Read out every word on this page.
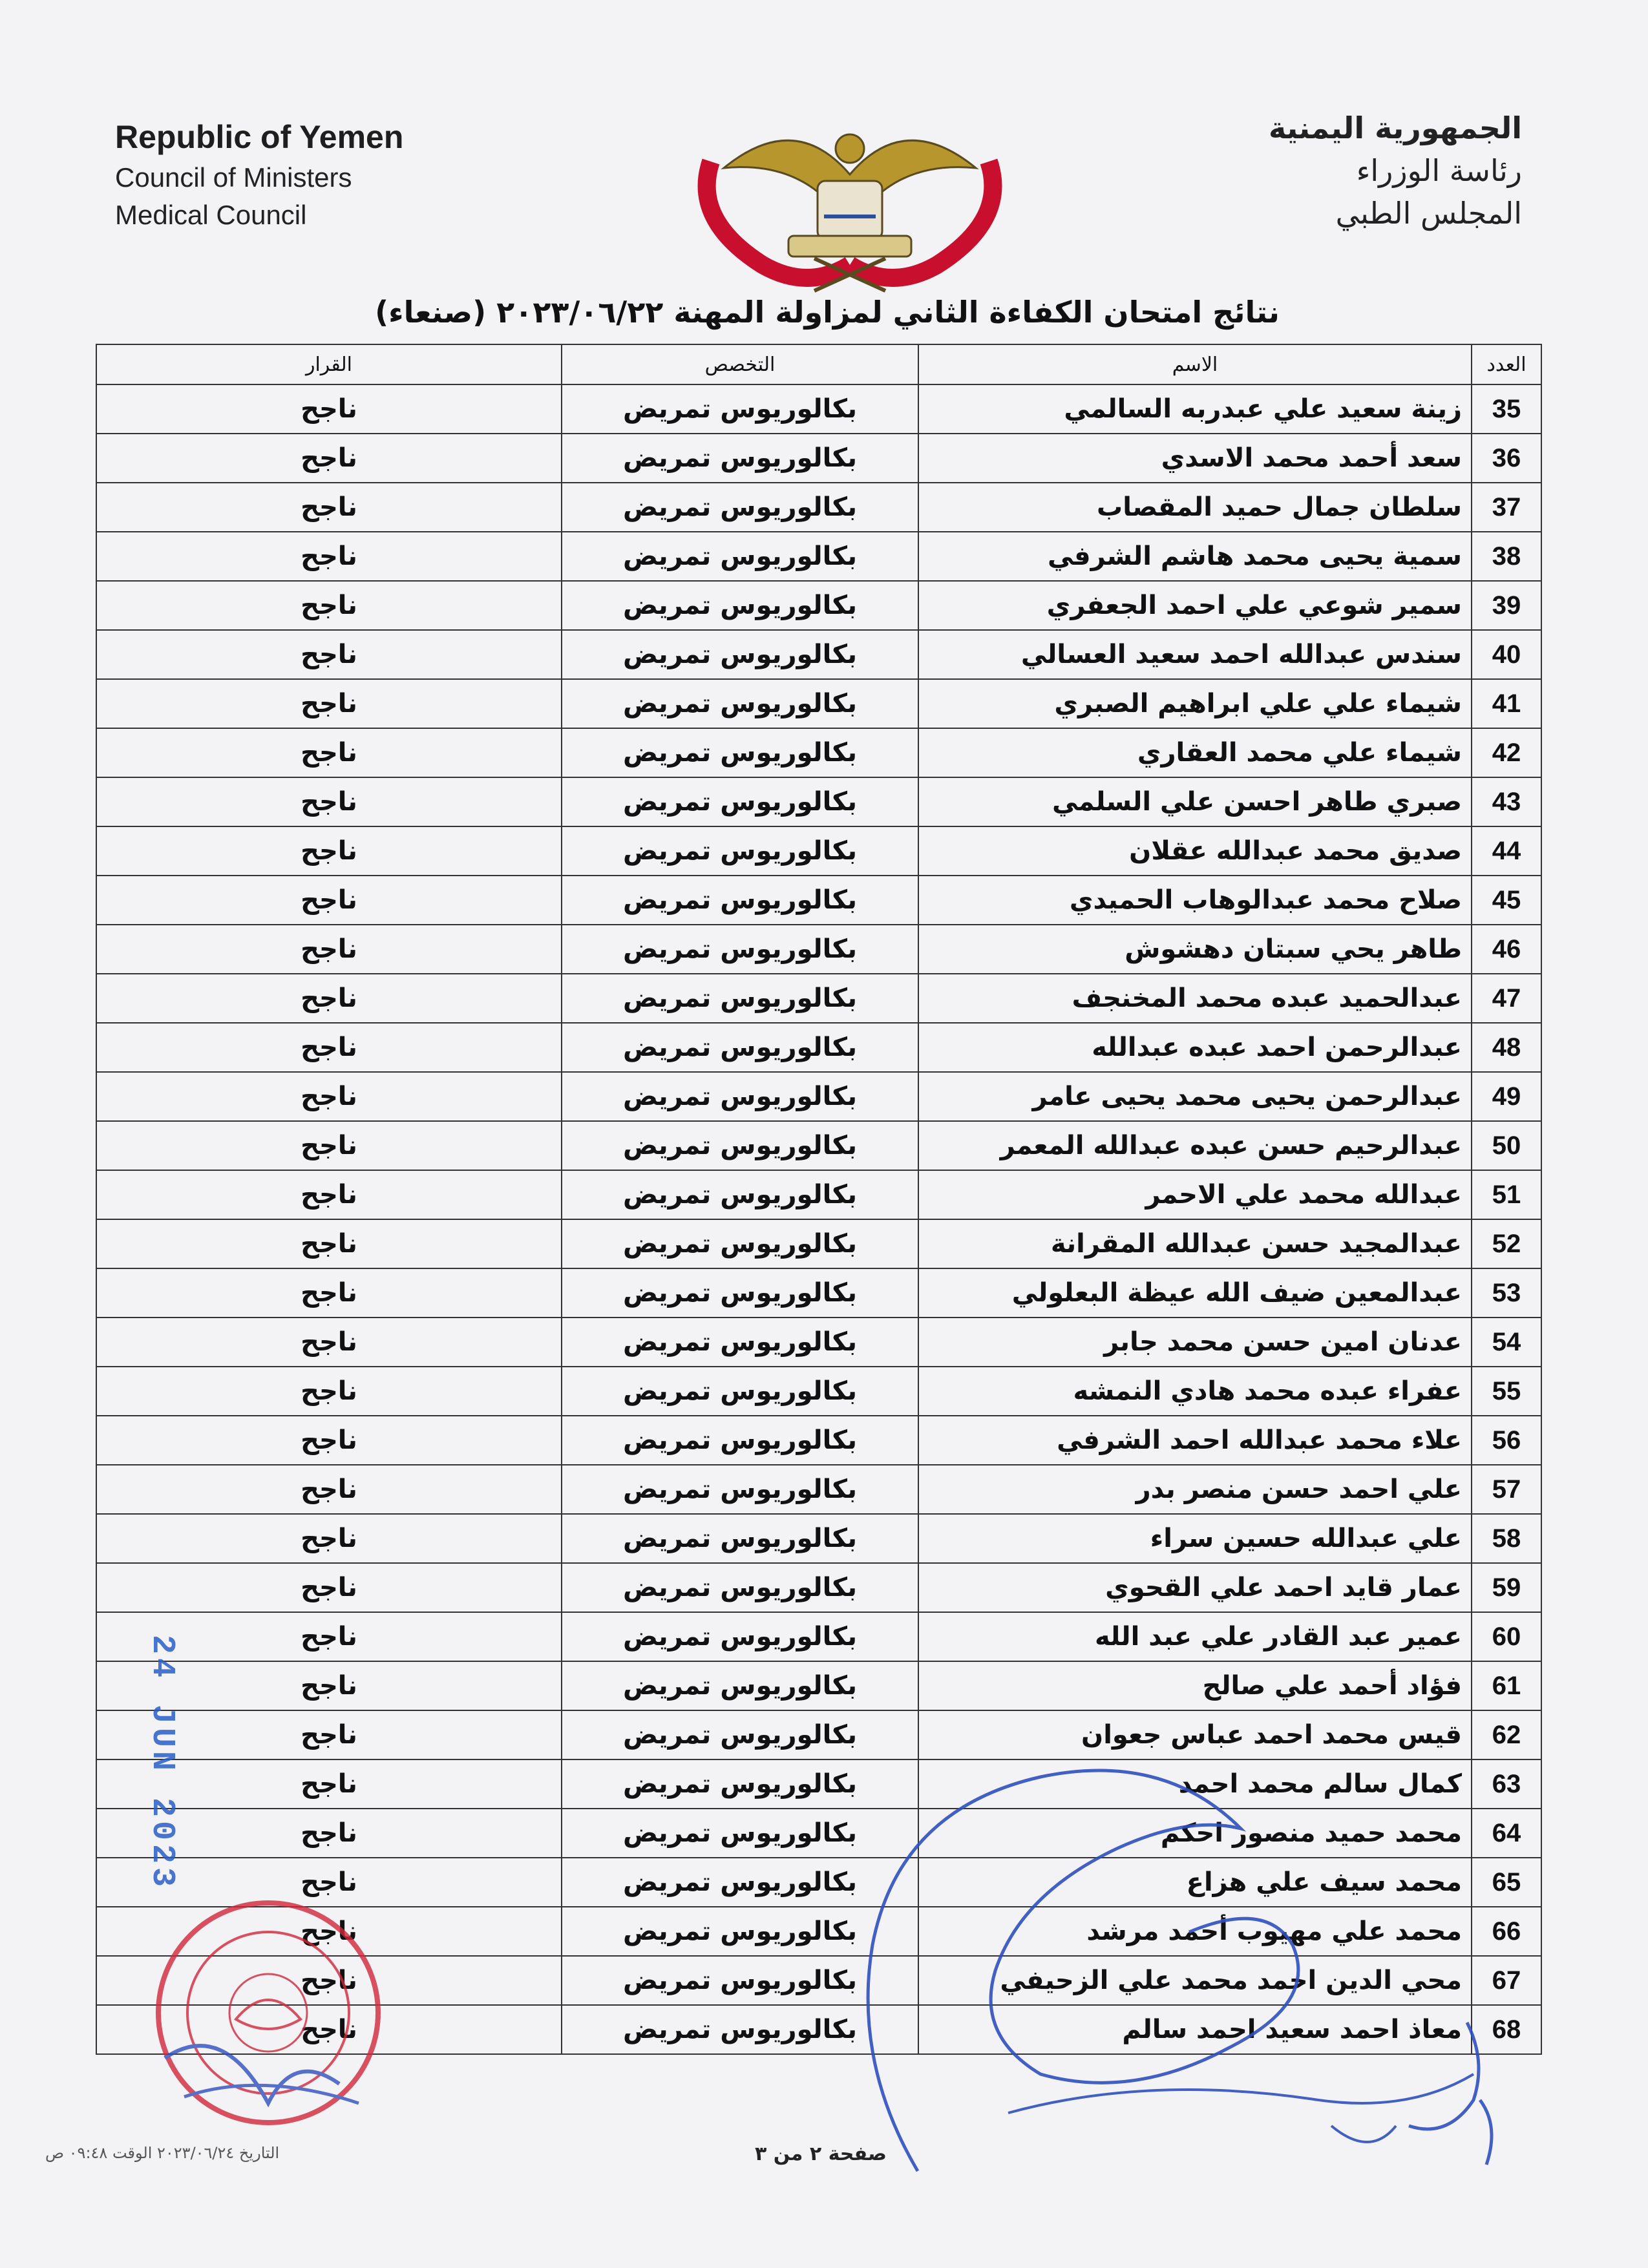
Republic of Yemen
Council of Ministers
Medical Council
الجمهورية اليمنية
رئاسة الوزراء
المجلس الطبي
نتائج امتحان الكفاءة الثاني لمزاولة المهنة ٢٠٢٣/٠٦/٢٢ (صنعاء)
العدد	الاسم	التخصص	القرار
35	زينة سعيد علي عبدربه السالمي	بكالوريوس تمريض	ناجح
36	سعد أحمد محمد الاسدي	بكالوريوس تمريض	ناجح
37	سلطان جمال حميد المقصاب	بكالوريوس تمريض	ناجح
38	سمية يحيى محمد هاشم الشرفي	بكالوريوس تمريض	ناجح
39	سمير شوعي علي احمد الجعفري	بكالوريوس تمريض	ناجح
40	سندس عبدالله احمد سعيد العسالي	بكالوريوس تمريض	ناجح
41	شيماء علي علي ابراهيم الصبري	بكالوريوس تمريض	ناجح
42	شيماء علي محمد العقاري	بكالوريوس تمريض	ناجح
43	صبري طاهر احسن علي السلمي	بكالوريوس تمريض	ناجح
44	صديق محمد عبدالله عقلان	بكالوريوس تمريض	ناجح
45	صلاح محمد عبدالوهاب الحميدي	بكالوريوس تمريض	ناجح
46	طاهر يحي سبتان دهشوش	بكالوريوس تمريض	ناجح
47	عبدالحميد عبده محمد المخنجف	بكالوريوس تمريض	ناجح
48	عبدالرحمن احمد عبده عبدالله	بكالوريوس تمريض	ناجح
49	عبدالرحمن يحيى محمد يحيى عامر	بكالوريوس تمريض	ناجح
50	عبدالرحيم حسن عبده عبدالله المعمر	بكالوريوس تمريض	ناجح
51	عبدالله محمد علي الاحمر	بكالوريوس تمريض	ناجح
52	عبدالمجيد حسن عبدالله المقرانة	بكالوريوس تمريض	ناجح
53	عبدالمعين ضيف الله عيظة البعلولي	بكالوريوس تمريض	ناجح
54	عدنان امين حسن محمد جابر	بكالوريوس تمريض	ناجح
55	عفراء عبده محمد هادي النمشه	بكالوريوس تمريض	ناجح
56	علاء محمد عبدالله احمد الشرفي	بكالوريوس تمريض	ناجح
57	علي احمد حسن منصر بدر	بكالوريوس تمريض	ناجح
58	علي عبدالله حسين سراء	بكالوريوس تمريض	ناجح
59	عمار قايد احمد علي القحوي	بكالوريوس تمريض	ناجح
60	عمير عبد القادر علي عبد الله	بكالوريوس تمريض	ناجح
61	فؤاد أحمد علي صالح	بكالوريوس تمريض	ناجح
62	قيس محمد احمد عباس جعوان	بكالوريوس تمريض	ناجح
63	كمال سالم محمد احمد	بكالوريوس تمريض	ناجح
64	محمد حميد منصور احكم	بكالوريوس تمريض	ناجح
65	محمد سيف علي هزاع	بكالوريوس تمريض	ناجح
66	محمد علي مهيوب أحمد مرشد	بكالوريوس تمريض	ناجح
67	محي الدين احمد محمد علي الزحيفي	بكالوريوس تمريض	ناجح
68	معاذ احمد سعيد احمد سالم	بكالوريوس تمريض	ناجح
24 JUN 2023
صفحة ٢ من ٣
التاريخ ٢٠٢٣/٠٦/٢٤ الوقت ٠٩:٤٨ ص
